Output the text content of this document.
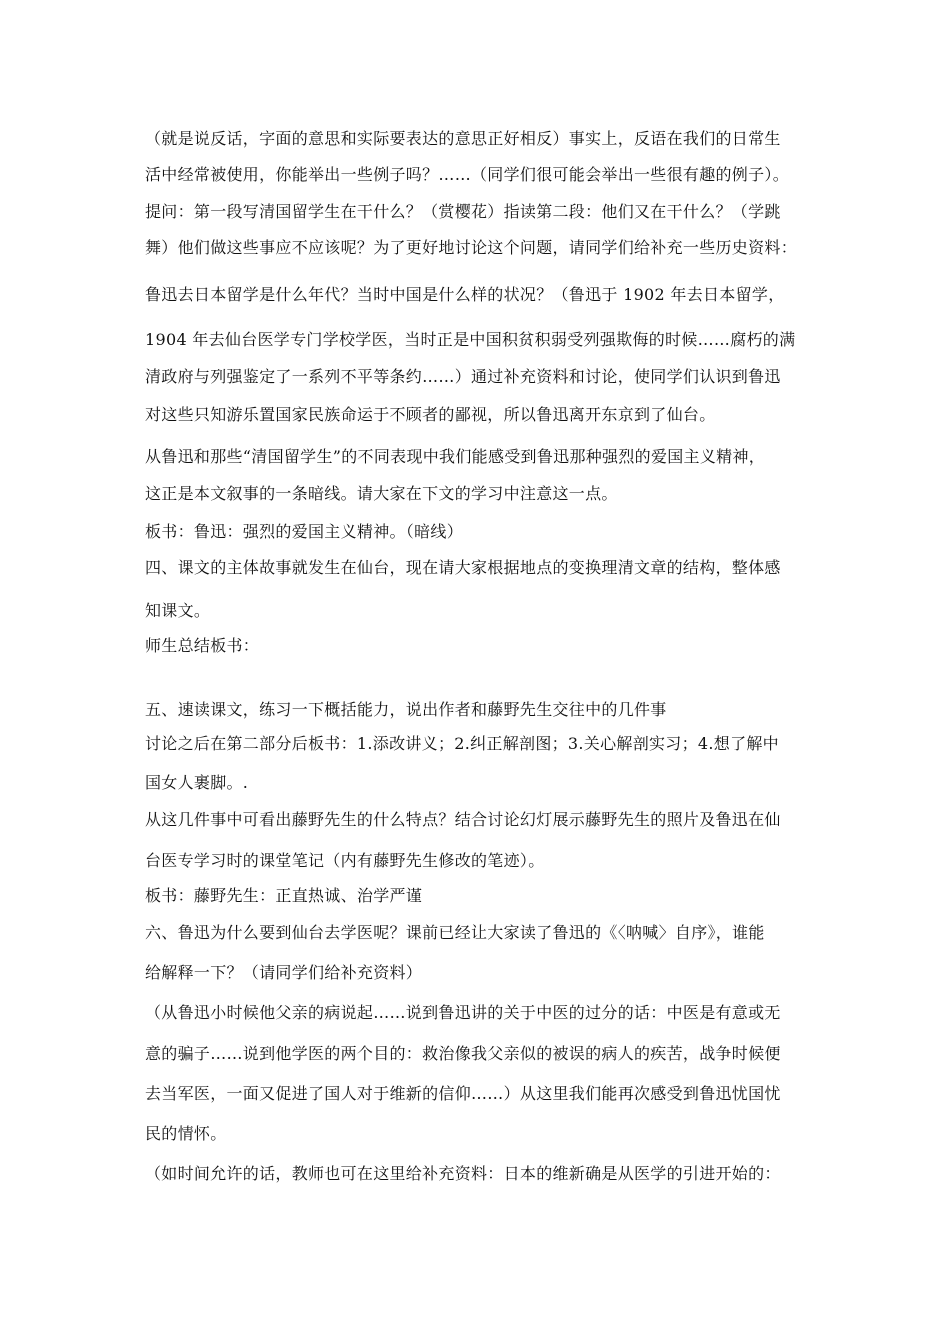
（就是说反话，字面的意思和实际要表达的意思正好相反）事实上，反语在我们的日常生
活中经常被使用，你能举出一些例子吗？……（同学们很可能会举出一些很有趣的例子）。
提问：第一段写清国留学生在干什么？（赏樱花）指读第二段：他们又在干什么？（学跳
舞）他们做这些事应不应该呢？为了更好地讨论这个问题，请同学们给补充一些历史资料：
鲁迅去日本留学是什么年代？当时中国是什么样的状况？（鲁迅于 1902 年去日本留学，
1904 年去仙台医学专门学校学医，当时正是中国积贫积弱受列强欺侮的时候……腐朽的满
清政府与列强鉴定了一系列不平等条约……）通过补充资料和讨论，使同学们认识到鲁迅
对这些只知游乐置国家民族命运于不顾者的鄙视，所以鲁迅离开东京到了仙台。
从鲁迅和那些“清国留学生”的不同表现中我们能感受到鲁迅那种强烈的爱国主义精神，
这正是本文叙事的一条暗线。请大家在下文的学习中注意这一点。
板书：鲁迅：强烈的爱国主义精神。（暗线）
四、课文的主体故事就发生在仙台，现在请大家根据地点的变换理清文章的结构，整体感
知课文。
师生总结板书：
五、速读课文，练习一下概括能力，说出作者和藤野先生交往中的几件事
讨论之后在第二部分后板书：1.添改讲义；2.纠正解剖图；3.关心解剖实习；4.想了解中
国女人裹脚。.
从这几件事中可看出藤野先生的什么特点？结合讨论幻灯展示藤野先生的照片及鲁迅在仙
台医专学习时的课堂笔记（内有藤野先生修改的笔迹）。
板书：藤野先生：正直热诚、治学严谨
六、鲁迅为什么要到仙台去学医呢？课前已经让大家读了鲁迅的《〈呐喊〉自序》，谁能
给解释一下？（请同学们给补充资料）
（从鲁迅小时候他父亲的病说起……说到鲁迅讲的关于中医的过分的话：中医是有意或无
意的骗子……说到他学医的两个目的：救治像我父亲似的被误的病人的疾苦，战争时候便
去当军医，一面又促进了国人对于维新的信仰……）从这里我们能再次感受到鲁迅忧国忧
民的情怀。
（如时间允许的话，教师也可在这里给补充资料：日本的维新确是从医学的引进开始的：
